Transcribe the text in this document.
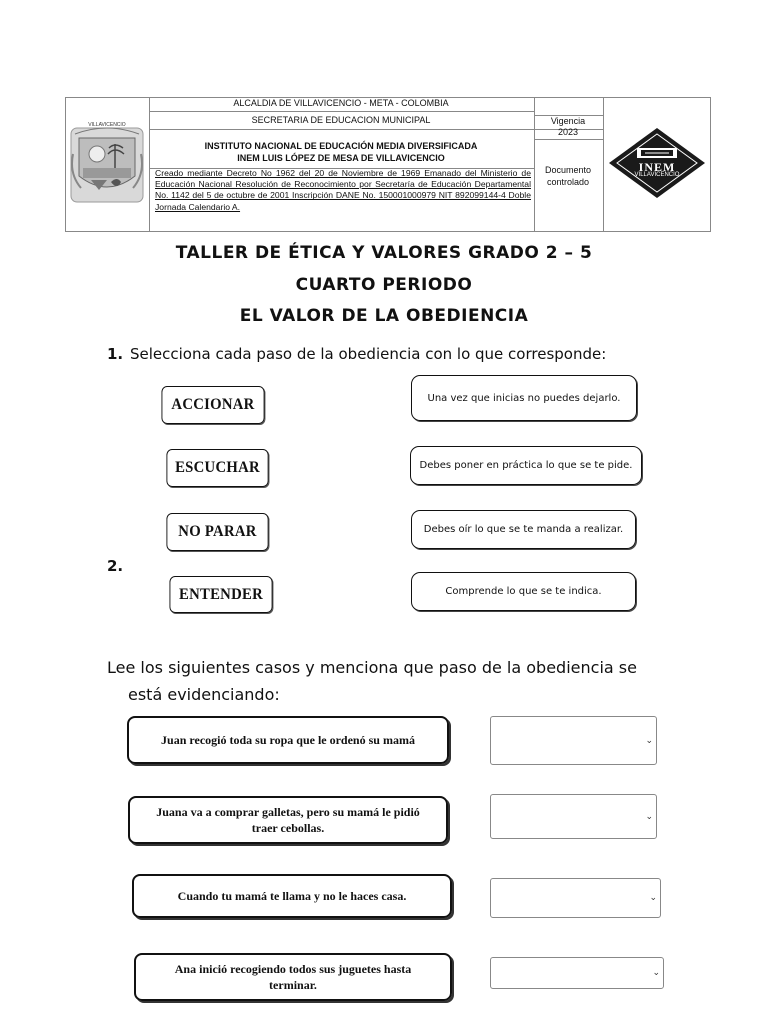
VILLAVICENCIO
ALCALDIA DE VILLAVICENCIO - META - COLOMBIA
SECRETARIA DE EDUCACION MUNICIPAL
INSTITUTO NACIONAL DE EDUCACIÓN MEDIA DIVERSIFICADA
INEM LUIS LÓPEZ DE MESA DE VILLAVICENCIO
Creado mediante Decreto No 1962 del 20 de Noviembre de 1969 Emanado del Ministerio de Educación Nacional Resolución de Reconocimiento por Secretaría de Educación Departamental No. 1142 del 5 de octubre de 2001 Inscripción DANE No. 150001000979 NIT 892099144-4 Doble Jornada Calendario A.
Vigencia
2023
Documento
controlado
INEM
VILLAVICENCIO
TALLER DE ÉTICA Y VALORES GRADO 2 – 5
CUARTO PERIODO
EL VALOR DE LA OBEDIENCIA
1. Selecciona cada paso de la obediencia con lo que corresponde:
ACCIONAR
ESCUCHAR
NO PARAR
ENTENDER
Una vez que inicias no puedes dejarlo.
Debes poner en práctica lo que se te pide.
Debes oír lo que se te manda a realizar.
Comprende lo que se te indica.
2.
Lee los siguientes casos y menciona que paso de la obediencia se
está evidenciando:
Juan recogió toda su ropa que le ordenó su mamá
Juana va a comprar galletas, pero su mamá le pidió traer cebollas.
Cuando tu mamá te llama y no le haces casa.
Ana inició recogiendo todos sus juguetes hasta terminar.
⌄
⌄
⌄
⌄
